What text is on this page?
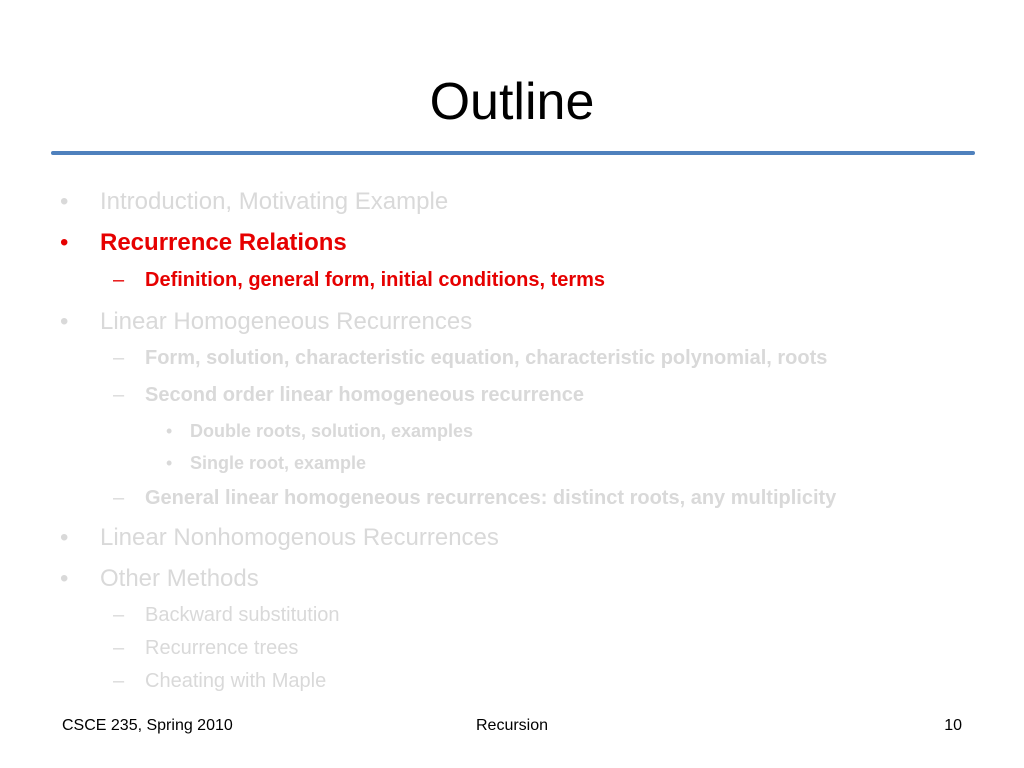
Outline
• Introduction, Motivating Example
• Recurrence Relations
– Definition, general form, initial conditions, terms
• Linear Homogeneous Recurrences
– Form, solution, characteristic equation, characteristic polynomial, roots
– Second order linear homogeneous recurrence
• Double roots, solution, examples
• Single root, example
– General linear homogeneous recurrences: distinct roots, any multiplicity
• Linear Nonhomogenous Recurrences
• Other Methods
– Backward substitution
– Recurrence trees
– Cheating with Maple
CSCE 235, Spring 2010	Recursion	10
